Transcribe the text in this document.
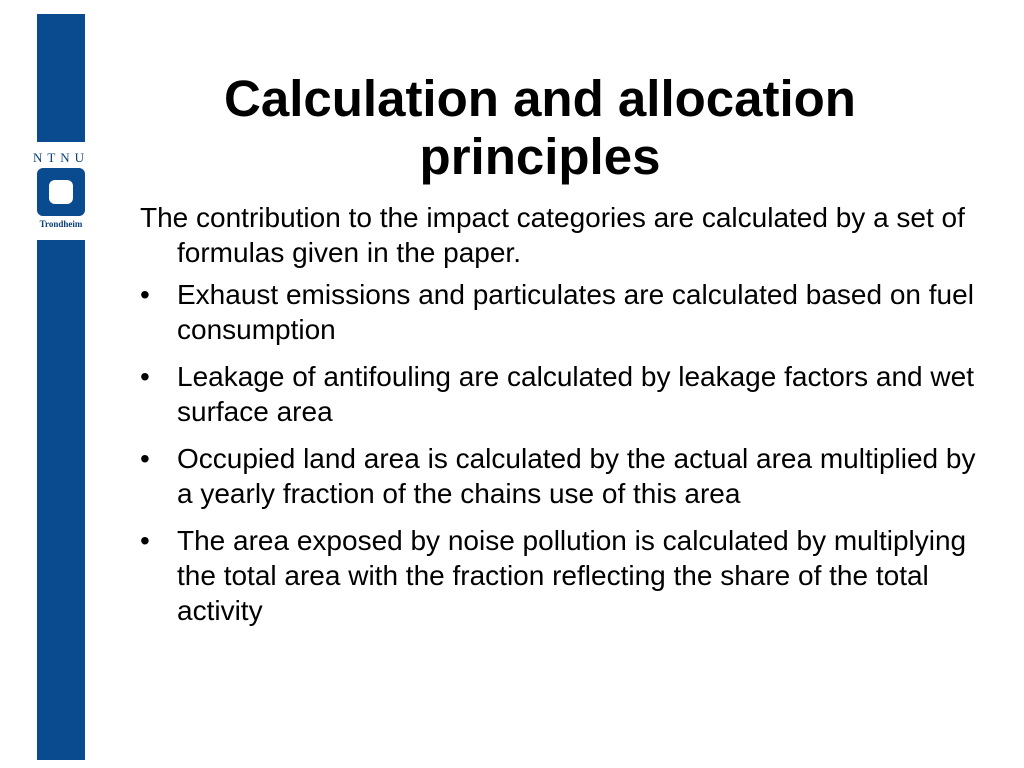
NTNU
Trondheim
Calculation and allocation principles

The contribution to the impact categories are calculated by a set of formulas given in the paper.

• Exhaust emissions and particulates are calculated based on fuel consumption
• Leakage of antifouling are calculated by leakage factors and wet surface area
• Occupied land area is calculated by the actual area multiplied by a yearly fraction of the chains use of this area
• The area exposed by noise pollution is calculated by multiplying the total area with the fraction reflecting the share of the total activity
